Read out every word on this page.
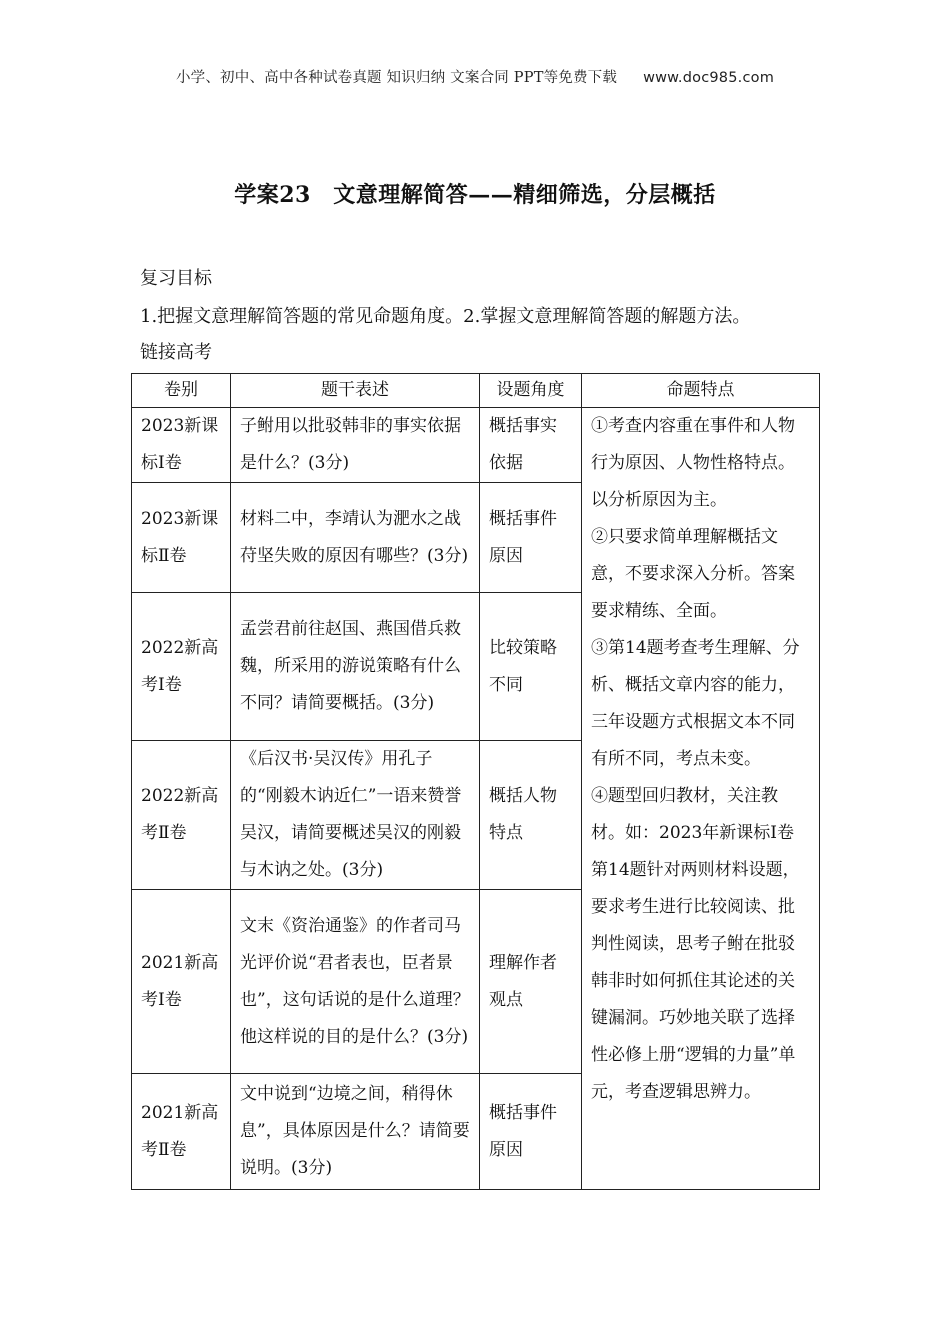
小学、初中、高中各种试卷真题 知识归纳 文案合同 PPT等免费下载 www.doc985.com
学案23　文意理解简答——精细筛选，分层概括
复习目标
1.把握文意理解简答题的常见命题角度。2.掌握文意理解简答题的解题方法。
链接高考
卷别	题干表述	设题角度	命题特点
2023新课标Ⅰ卷	子鲋用以批驳韩非的事实依据是什么？(3分)	概括事实依据	①考查内容重在事件和人物行为原因、人物性格特点。以分析原因为主。
②只要求简单理解概括文意，不要求深入分析。答案要求精练、全面。
③第14题考查考生理解、分析、概括文章内容的能力，三年设题方式根据文本不同有所不同，考点未变。
④题型回归教材，关注教材。如：2023年新课标Ⅰ卷第14题针对两则材料设题，要求考生进行比较阅读、批判性阅读，思考子鲋在批驳韩非时如何抓住其论述的关键漏洞。巧妙地关联了选择性必修上册“逻辑的力量”单元，考查逻辑思辨力。

2023新课标Ⅱ卷	材料二中，李靖认为淝水之战苻坚失败的原因有哪些？(3分)	概括事件原因	
2022新高考Ⅰ卷	孟尝君前往赵国、燕国借兵救魏，所采用的游说策略有什么不同？请简要概括。(3分)	比较策略不同	
2022新高考Ⅱ卷	《后汉书·吴汉传》用孔子的“刚毅木讷近仁”一语来赞誉吴汉，请简要概述吴汉的刚毅与木讷之处。(3分)	概括人物特点	
2021新高考Ⅰ卷	文末《资治通鉴》的作者司马光评价说“君者表也，臣者景也”，这句话说的是什么道理？他这样说的目的是什么？(3分)	理解作者观点	
2021新高考Ⅱ卷	文中说到“边境之间，稍得休息”，具体原因是什么？请简要说明。(3分)	概括事件原因	
